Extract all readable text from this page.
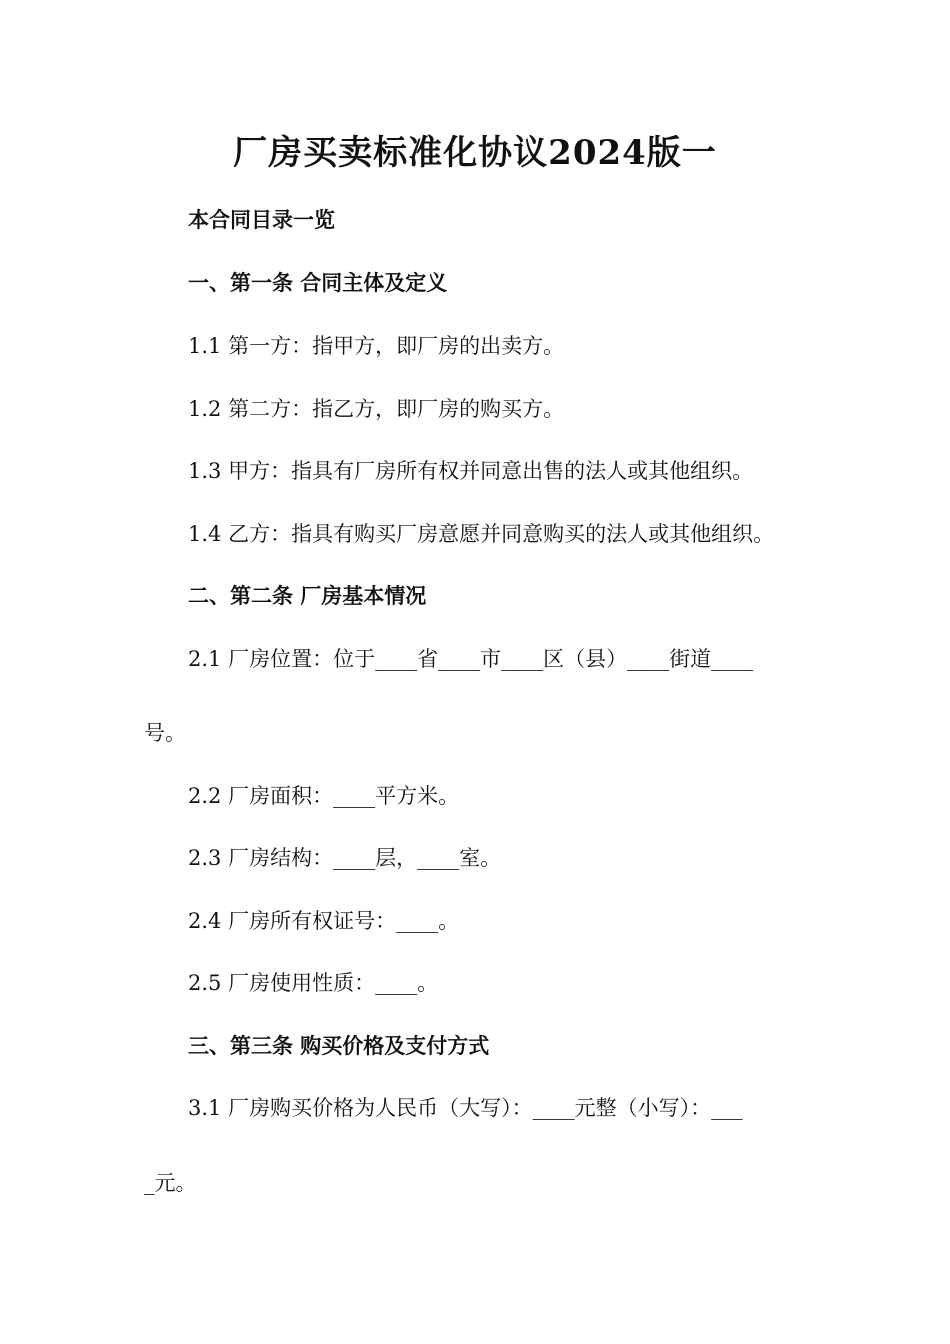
厂房买卖标准化协议2024版一

本合同目录一览

一、第一条 合同主体及定义

1.1 第一方：指甲方，即厂房的出卖方。

1.2 第二方：指乙方，即厂房的购买方。

1.3 甲方：指具有厂房所有权并同意出售的法人或其他组织。

1.4 乙方：指具有购买厂房意愿并同意购买的法人或其他组织。

二、第二条 厂房基本情况

2.1 厂房位置：位于____省____市____区（县）____街道____

号。

2.2 厂房面积：____平方米。

2.3 厂房结构：____层，____室。

2.4 厂房所有权证号：____。

2.5 厂房使用性质：____。

三、第三条 购买价格及支付方式

3.1 厂房购买价格为人民币（大写）：____元整（小写）：___

_元。
